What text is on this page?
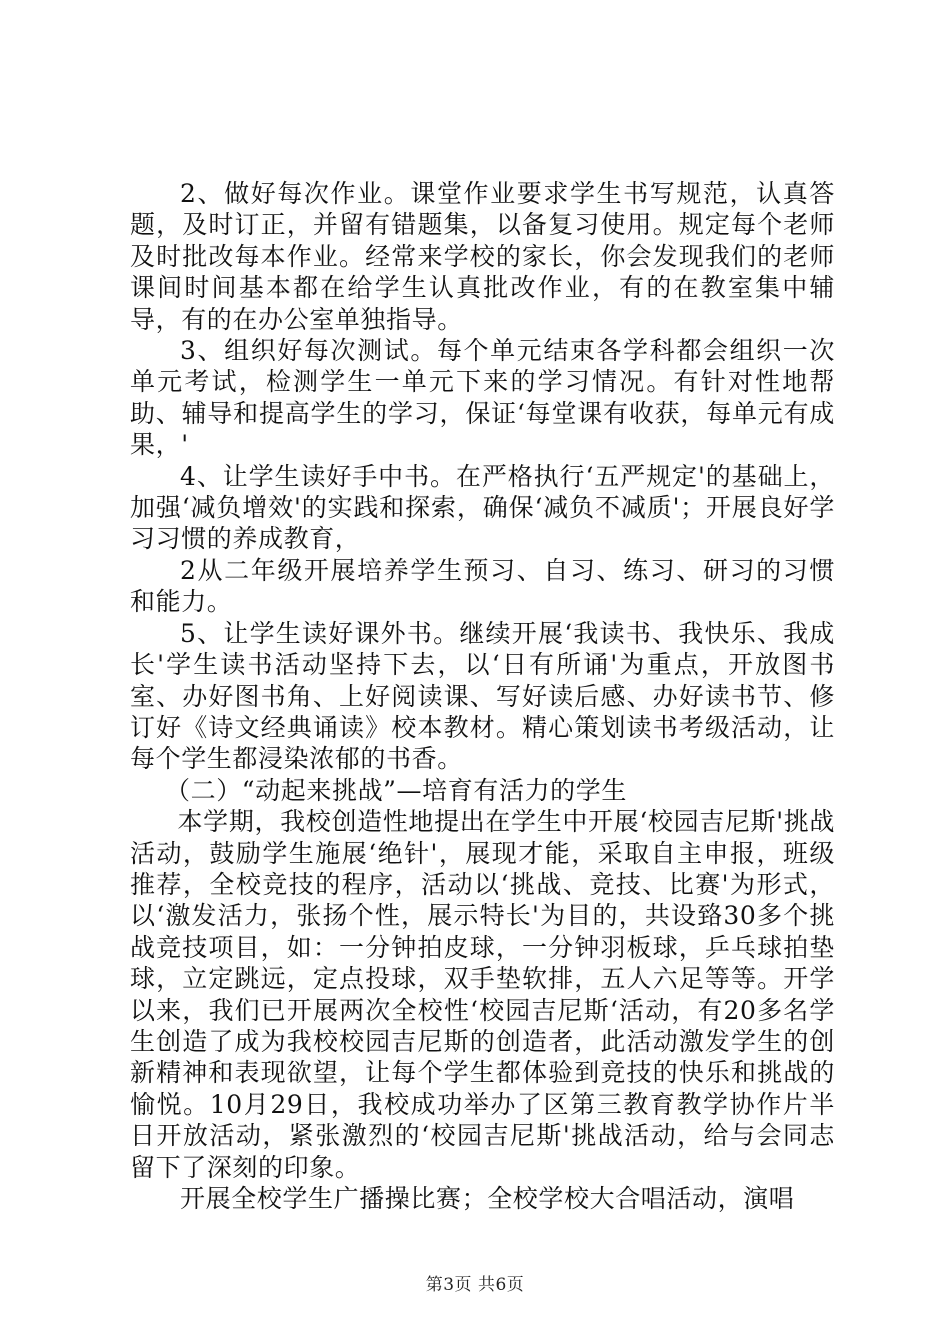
2、做好每次作业。课堂作业要求学生书写规范，认真答题，及时订正，并留有错题集，以备复习使用。规定每个老师及时批改每本作业。经常来学校的家长，你会发现我们的老师课间时间基本都在给学生认真批改作业，有的在教室集中辅导，有的在办公室单独指导。

3、组织好每次测试。每个单元结束各学科都会组织一次单元考试，检测学生一单元下来的学习情况。有针对性地帮助、辅导和提高学生的学习，保证‘每堂课有收获，每单元有成果，'

4、让学生读好手中书。在严格执行‘五严规定'的基础上，加强‘减负增效'的实践和探索，确保‘减负不减质'；开展良好学习习惯的养成教育，

2从二年级开展培养学生预习、自习、练习、研习的习惯和能力。

5、让学生读好课外书。继续开展‘我读书、我快乐、我成长'学生读书活动坚持下去，以‘日有所诵'为重点，开放图书室、办好图书角、上好阅读课、写好读后感、办好读书节、修订好《诗文经典诵读》校本教材。精心策划读书考级活动，让每个学生都浸染浓郁的书香。

（二）“动起来挑战”—培育有活力的学生

本学期，我校创造性地提出在学生中开展‘校园吉尼斯'挑战活动，鼓励学生施展‘绝针'，展现才能，采取自主申报，班级推荐，全校竞技的程序，活动以‘挑战、竞技、比赛'为形式，以‘激发活力，张扬个性，展示特长'为目的，共设臵30多个挑战竞技项目，如：一分钟拍皮球，一分钟羽板球，乒乓球拍垫球，立定跳远，定点投球，双手垫软排，五人六足等等。开学以来，我们已开展两次全校性‘校园吉尼斯‘活动，有20多名学生创造了成为我校校园吉尼斯的创造者，此活动激发学生的创新精神和表现欲望，让每个学生都体验到竞技的快乐和挑战的愉悦。10月29日，我校成功举办了区第三教育教学协作片半日开放活动，紧张激烈的‘校园吉尼斯'挑战活动，给与会同志留下了深刻的印象。

开展全校学生广播操比赛；全校学校大合唱活动，演唱

第3页 共6页
